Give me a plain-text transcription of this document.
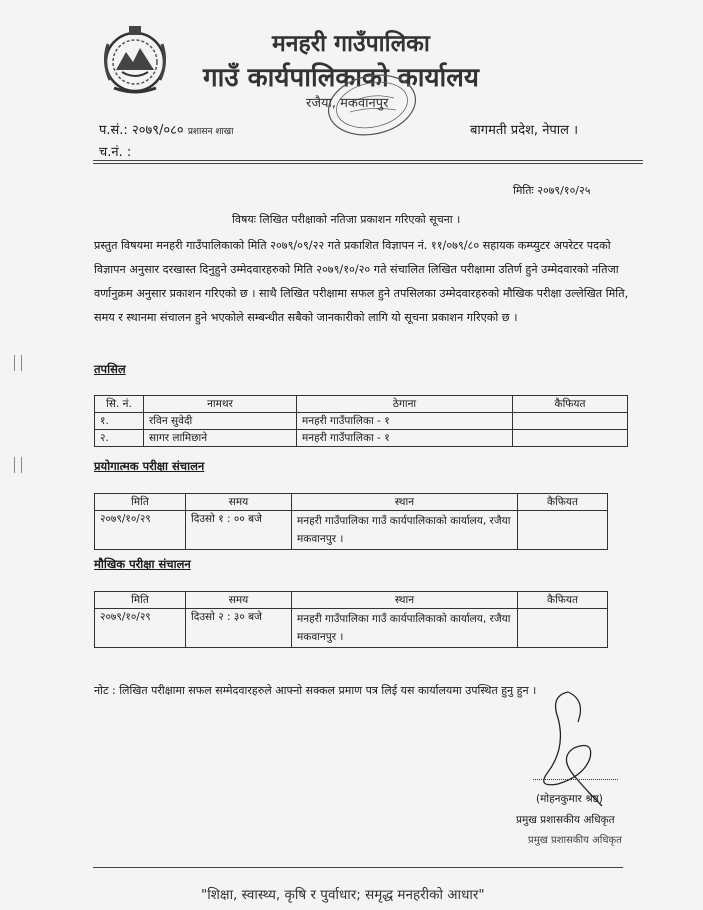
मनहरी गाउँपालिका
गाउँ कार्यपालिकाको कार्यालय
रजैया, मकवानपुर
प.सं.: २०७९/०८० प्रशासन शाखा
च.नं. :
बागमती प्रदेश, नेपाल ।
मितिः २०७९/१०/२५
विषयः लिखित परीक्षाको नतिजा प्रकाशन गरिएको सूचना ।
प्रस्तुत विषयमा मनहरी गाउँपालिकाको मिति २०७९/०९/२२ गते प्रकाशित विज्ञापन नं. ११/०७९/८० सहायक कम्प्युटर अपरेटर पदको विज्ञापन अनुसार दरखास्त दिनुहुने उम्मेदवारहरुको मिति २०७९/१०/२० गते संचालित लिखित परीक्षामा उतिर्ण हुने उम्मेदवारको नतिजा वर्णानुक्रम अनुसार प्रकाशन गरिएको छ । साथै लिखित परीक्षामा सफल हुने तपसिलका उम्मेदवारहरुको मौखिक परीक्षा उल्लेखित मिति, समय र स्थानमा संचालन हुने भएकोले सम्बन्धीत सबैको जानकारीको लागि यो सूचना प्रकाशन गरिएको छ ।
तपसिल
सि. नं.	नामथर	ठेगाना	कैफियत
१.	रविन सुवेदी	मनहरी गाउँपालिका - १	
२.	सागर लामिछाने	मनहरी गाउँपालिका - १	
प्रयोगात्मक परीक्षा संचालन
मिति	समय	स्थान	कैफियत
२०७९/१०/२९	दिउसो १ : ०० बजे	मनहरी गाउँपालिका गाउँ कार्यपालिकाको कार्यालय, रजैया मकवानपुर ।	
मौखिक परीक्षा संचालन
मिति	समय	स्थान	कैफियत
२०७९/१०/२९	दिउसो २ : ३० बजे	मनहरी गाउँपालिका गाउँ कार्यपालिकाको कार्यालय, रजैया मकवानपुर ।	
नोट : लिखित परीक्षामा सफल सम्मेदवारहरुले आफ्नो सक्कल प्रमाण पत्र लिई यस कार्यालयमा उपस्थित हुनु हुन ।
(मोहनकुमार श्रेष्ठ)
प्रमुख प्रशासकीय अधिकृत
प्रमुख प्रशासकीय अधिकृत
"शिक्षा, स्वास्थ्य, कृषि र पुर्वाधार; समृद्ध मनहरीको आधार"
